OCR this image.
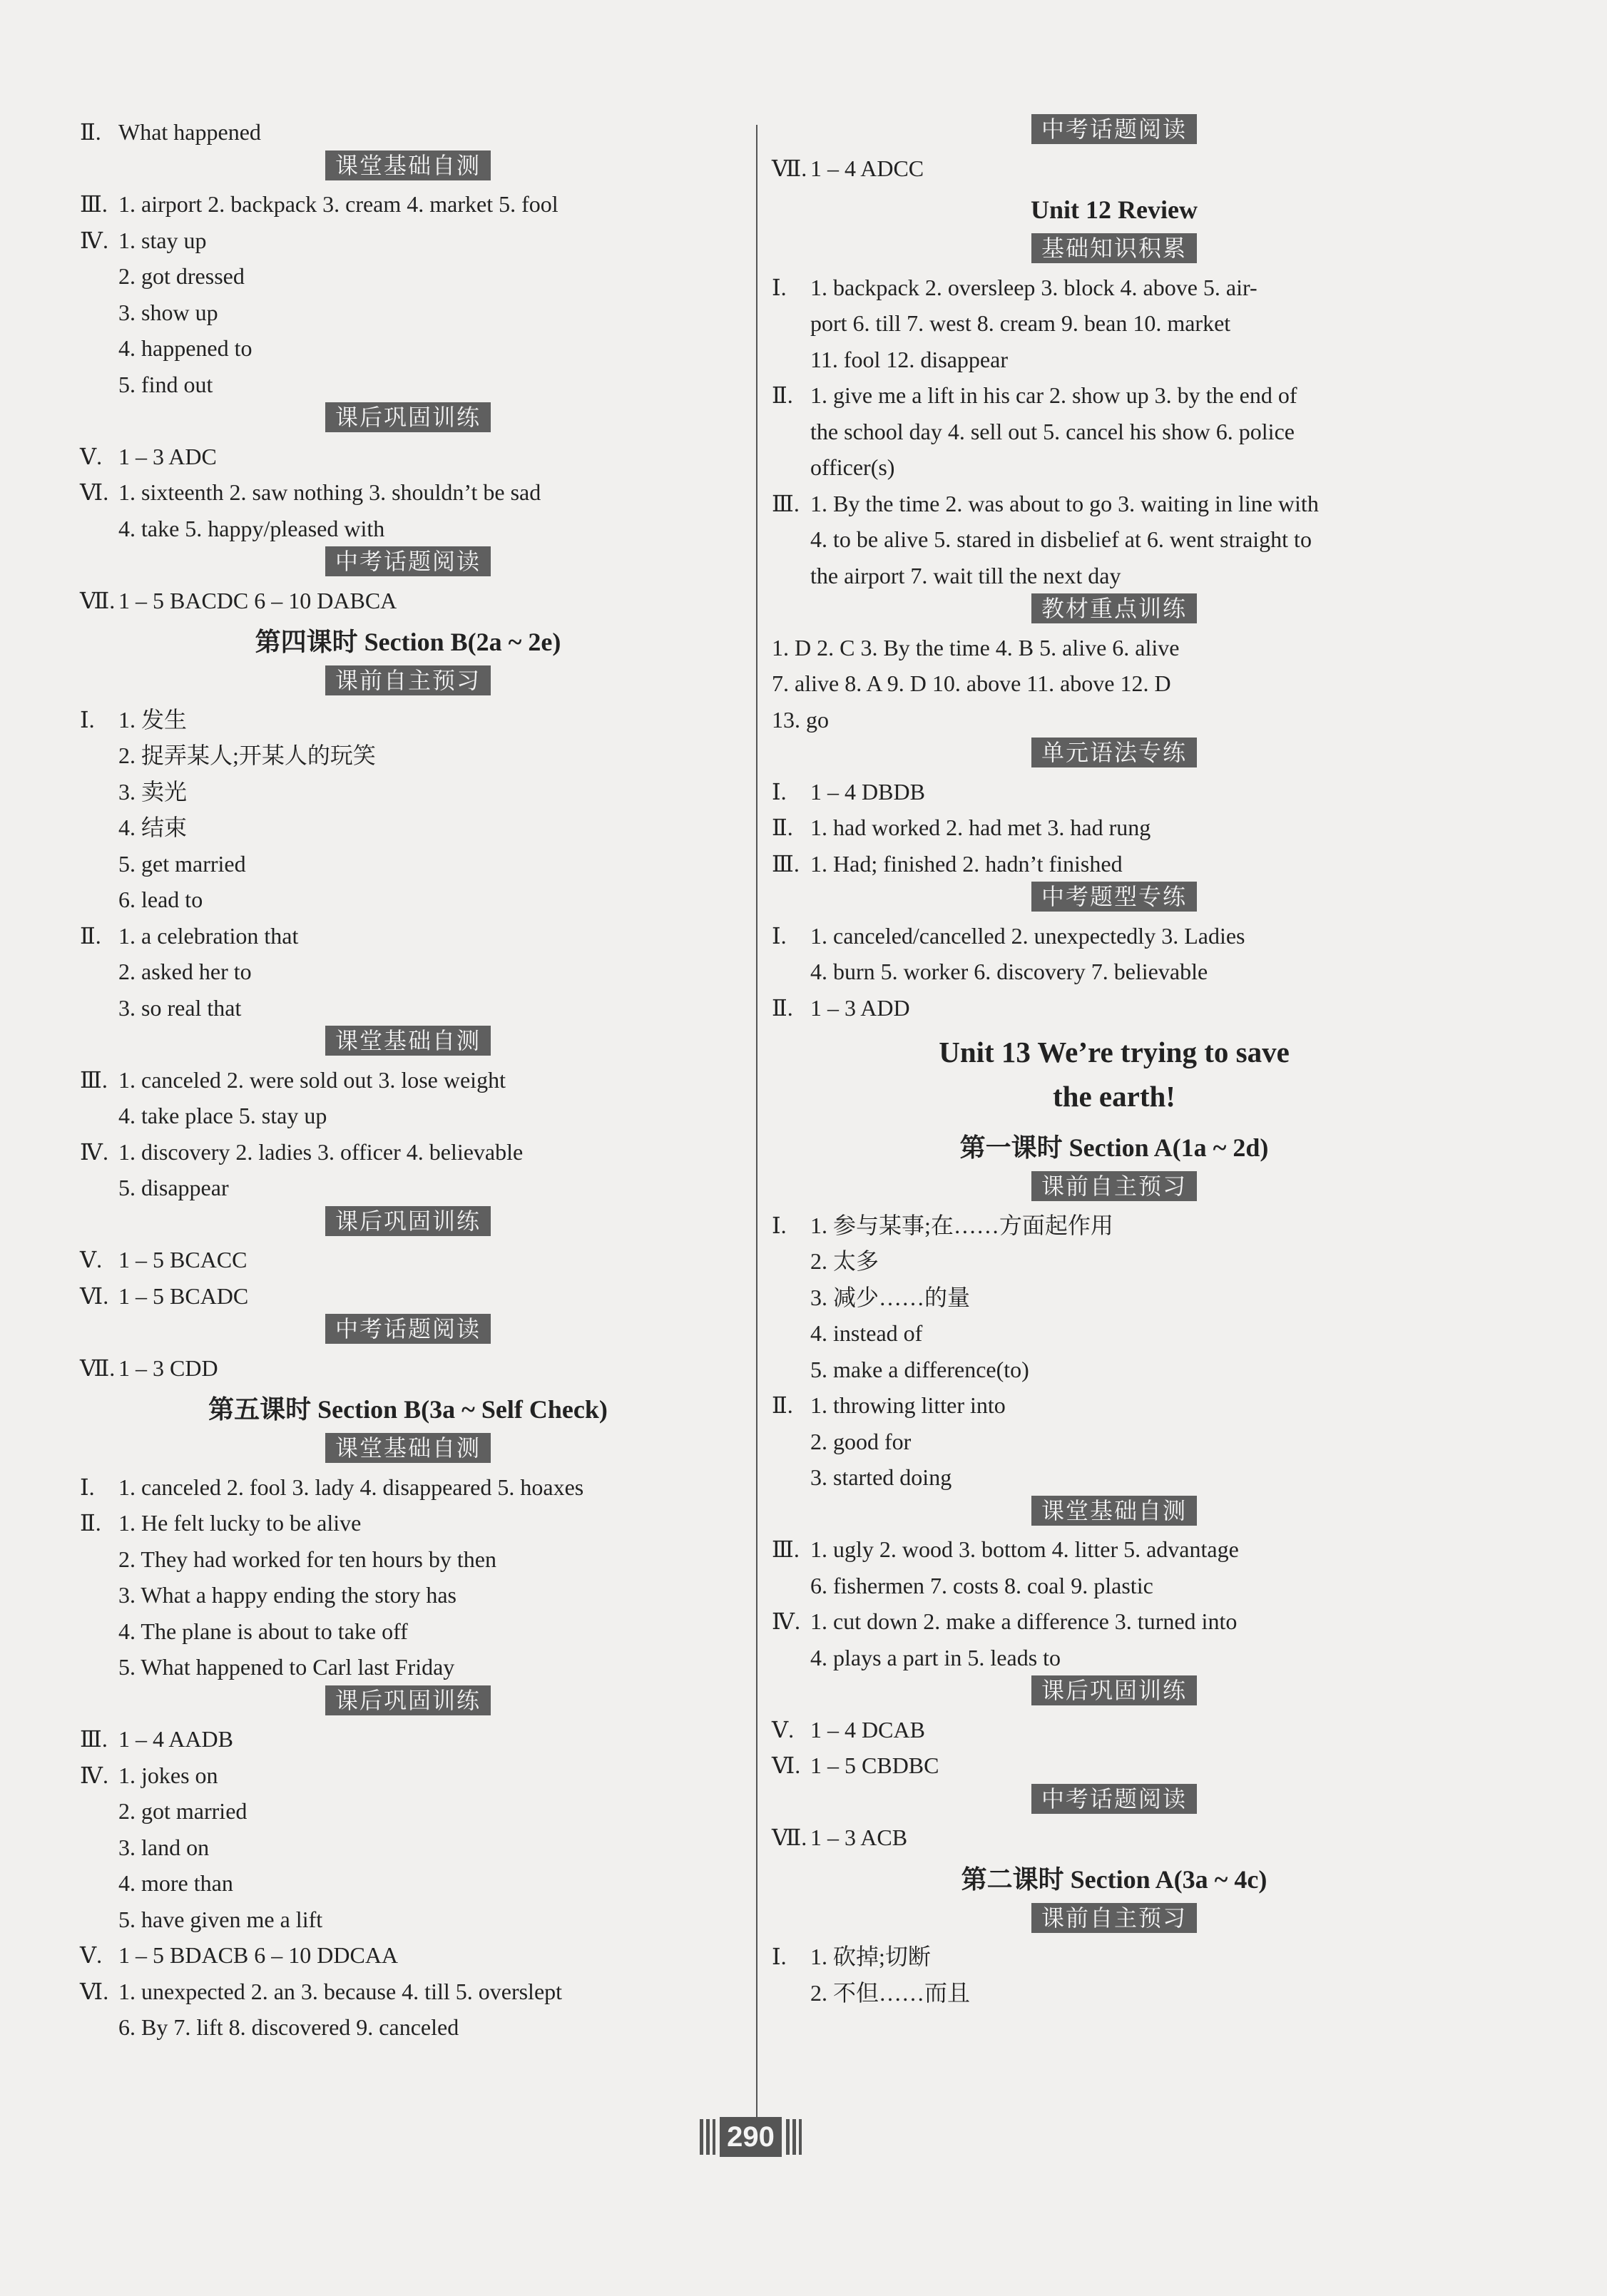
Ⅱ. What happened
课堂基础自测
Ⅲ. 1. airport 2. backpack 3. cream 4. market 5. fool
Ⅳ. 1. stay up
2. got dressed
3. show up
4. happened to
5. find out
课后巩固训练
Ⅴ. 1 – 3 ADC
Ⅵ. 1. sixteenth 2. saw nothing 3. shouldn’t be sad
4. take 5. happy/pleased with
中考话题阅读
Ⅶ. 1 – 5 BACDC 6 – 10 DABCA
第四课时 Section B(2a ~ 2e)
课前自主预习
Ⅰ.	1. 发生
2. 捉弄某人;开某人的玩笑
3. 卖光
4. 结束
5. get married
6. lead to
Ⅱ. 1. a celebration that
2. asked her to
3. so real that
课堂基础自测
Ⅲ. 1. canceled 2. were sold out 3. lose weight
4. take place 5. stay up
Ⅳ. 1. discovery 2. ladies 3. officer 4. believable
5. disappear
课后巩固训练
Ⅴ. 1 – 5 BCACC
Ⅵ. 1 – 5 BCADC
中考话题阅读
Ⅶ. 1 – 3 CDD
第五课时 Section B(3a ~ Self Check)
课堂基础自测
Ⅰ.	1. canceled 2. fool 3. lady 4. disappeared 5. hoaxes
Ⅱ. 1. He felt lucky to be alive
2. They had worked for ten hours by then
3. What a happy ending the story has
4. The plane is about to take off
5. What happened to Carl last Friday
课后巩固训练
Ⅲ. 1 – 4 AADB
Ⅳ. 1. jokes on
2. got married
3. land on
4. more than
5. have given me a lift
Ⅴ. 1 – 5 BDACB 6 – 10 DDCAA
Ⅵ. 1. unexpected 2. an 3. because 4. till 5. overslept
6. By 7. lift 8. discovered 9. canceled
中考话题阅读
Ⅶ. 1 – 4 ADCC
Unit 12 Review
基础知识积累
Ⅰ.	1. backpack 2. oversleep 3. block 4. above 5. air-
port 6. till 7. west 8. cream 9. bean 10. market
11. fool 12. disappear
Ⅱ. 1. give me a lift in his car 2. show up 3. by the end of
the school day 4. sell out 5. cancel his show 6. police
officer(s)
Ⅲ. 1. By the time 2. was about to go 3. waiting in line with
4. to be alive 5. stared in disbelief at 6. went straight to
the airport 7. wait till the next day
教材重点训练
1. D 2. C 3. By the time 4. B 5. alive 6. alive
7. alive 8. A 9. D 10. above 11. above 12. D
13. go
单元语法专练
Ⅰ.	1 – 4 DBDB
Ⅱ. 1. had worked 2. had met 3. had rung
Ⅲ. 1. Had; finished 2. hadn’t finished
中考题型专练
Ⅰ.	1. canceled/cancelled 2. unexpectedly 3. Ladies
4. burn 5. worker 6. discovery 7. believable
Ⅱ. 1 – 3 ADD
Unit 13 We’re trying to save
the earth!
第一课时 Section A(1a ~ 2d)
课前自主预习
Ⅰ.	1. 参与某事;在……方面起作用
2. 太多
3. 减少……的量
4. instead of
5. make a difference(to)
Ⅱ. 1. throwing litter into
2. good for
3. started doing
课堂基础自测
Ⅲ. 1. ugly 2. wood 3. bottom 4. litter 5. advantage
6. fishermen 7. costs 8. coal 9. plastic
Ⅳ. 1. cut down 2. make a difference 3. turned into
4. plays a part in 5. leads to
课后巩固训练
Ⅴ. 1 – 4 DCAB
Ⅵ. 1 – 5 CBDBC
中考话题阅读
Ⅶ. 1 – 3 ACB
第二课时 Section A(3a ~ 4c)
课前自主预习
Ⅰ.	1. 砍掉;切断
2. 不但……而且
290
